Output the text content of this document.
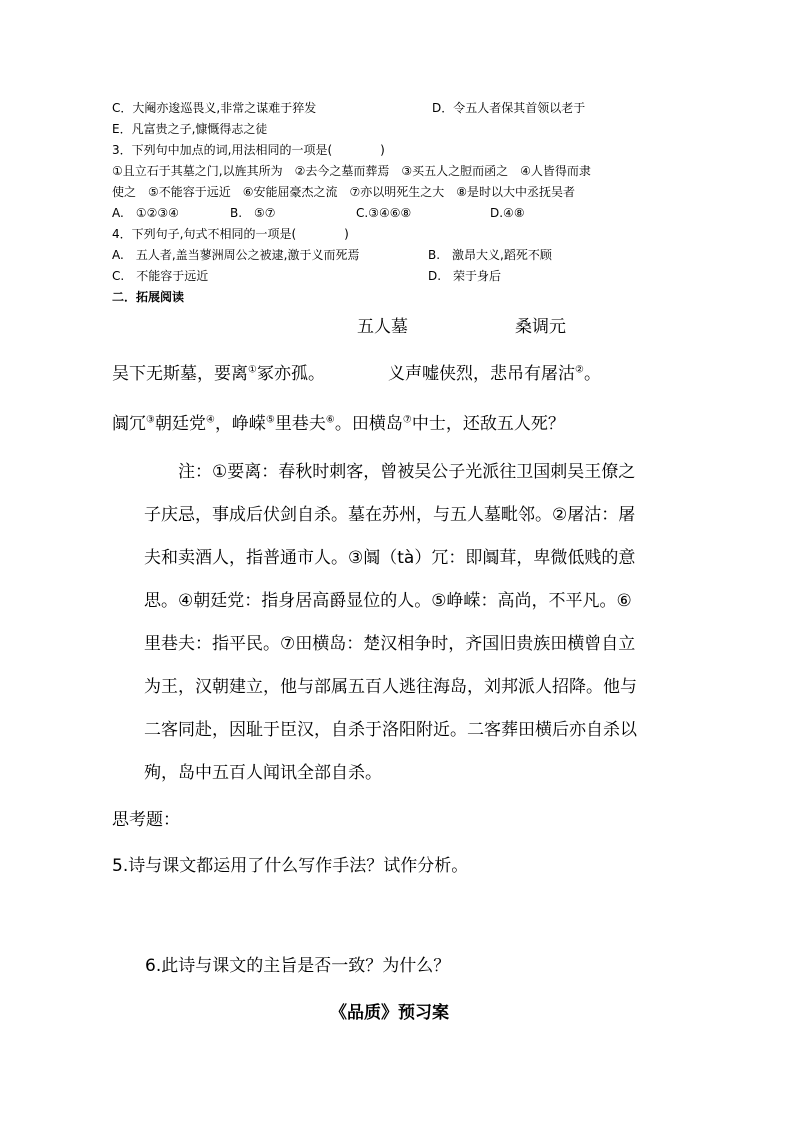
C．大阉亦逡巡畏义,非常之谋难于猝发	D．令五人者保其首领以老于
E．凡富贵之子,慷慨得志之徒
3．下列句中加点的词,用法相同的一项是(　　　　)
①且立石于其墓之门,以旌其所为　②去今之墓而葬焉　③买五人之脰而函之　④人皆得而隶
使之　⑤不能容于远近　⑥安能屈豪杰之流　⑦亦以明死生之大　⑧是时以大中丞抚吴者
A.　①②③④	B.　⑤⑦	C.③④⑥⑧	D.④⑧
4．下列句子,句式不相同的一项是(　　　　)
A.　五人者,盖当蓼洲周公之被逮,激于义而死焉	B.　激昂大义,蹈死不顾
C.　不能容于远近	D.　荣于身后
二．拓展阅读
五人墓	桑调元
吴下无斯墓，要离①冢亦孤。	义声嘘侠烈，悲吊有屠沽②。
阘冗③朝廷党④，峥嵘⑤里巷夫⑥。田横岛⑦中士，还敌五人死？
注：①要离：春秋时刺客，曾被吴公子光派往卫国刺吴王僚之
子庆忌，事成后伏剑自杀。墓在苏州，与五人墓毗邻。②屠沽：屠
夫和卖酒人，指普通市人。③阘（tà）冗：即阘茸，卑微低贱的意
思。④朝廷党：指身居高爵显位的人。⑤峥嵘：高尚，不平凡。⑥
里巷夫：指平民。⑦田横岛：楚汉相争时，齐国旧贵族田横曾自立
为王，汉朝建立，他与部属五百人逃往海岛，刘邦派人招降。他与
二客同赴，因耻于臣汉，自杀于洛阳附近。二客葬田横后亦自杀以
殉，岛中五百人闻讯全部自杀。
思考题：
5.诗与课文都运用了什么写作手法？试作分析。
6.此诗与课文的主旨是否一致？为什么？
《品质》预习案
